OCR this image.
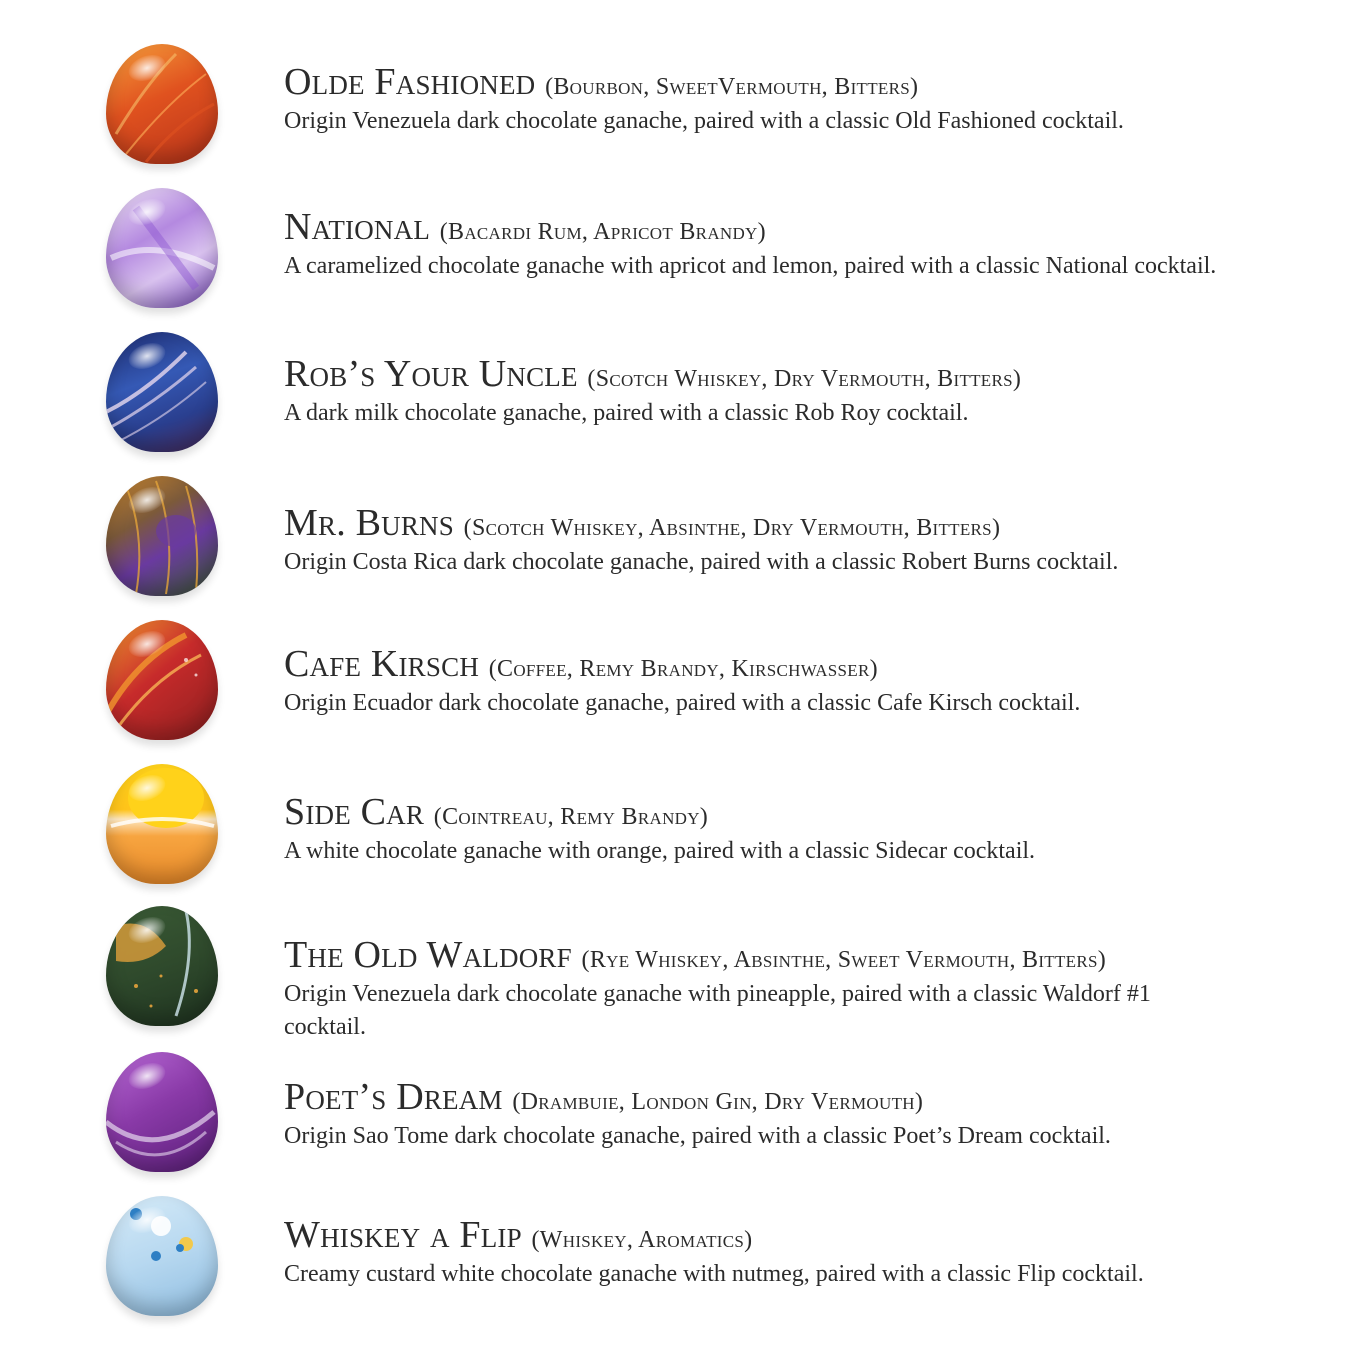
Olde Fashioned (Bourbon, SweetVermouth, Bitters)
Origin Venezuela dark chocolate ganache, paired with a classic Old Fashioned cocktail.
National (Bacardi Rum, Apricot Brandy)
A caramelized chocolate ganache with apricot and lemon, paired with a classic National cocktail.
Rob’s Your Uncle (Scotch Whiskey, Dry Vermouth, Bitters)
A dark milk chocolate ganache, paired with a classic Rob Roy cocktail.
Mr. Burns (Scotch Whiskey, Absinthe, Dry Vermouth, Bitters)
Origin Costa Rica dark chocolate ganache, paired with a classic Robert Burns cocktail.
Cafe Kirsch (Coffee, Remy Brandy, Kirschwasser)
Origin Ecuador dark chocolate ganache, paired with a classic Cafe Kirsch cocktail.
Side Car (Cointreau, Remy Brandy)
A white chocolate ganache with orange, paired with a classic Sidecar cocktail.
The Old Waldorf (Rye Whiskey, Absinthe, Sweet Vermouth, Bitters)
Origin Venezuela dark chocolate ganache with pineapple, paired with a classic Waldorf #1 cocktail.
Poet’s Dream (Drambuie, London Gin, Dry Vermouth)
Origin Sao Tome dark chocolate ganache, paired with a classic Poet’s Dream cocktail.
Whiskey a Flip (Whiskey, Aromatics)
Creamy custard white chocolate ganache with nutmeg, paired with a classic Flip cocktail.
